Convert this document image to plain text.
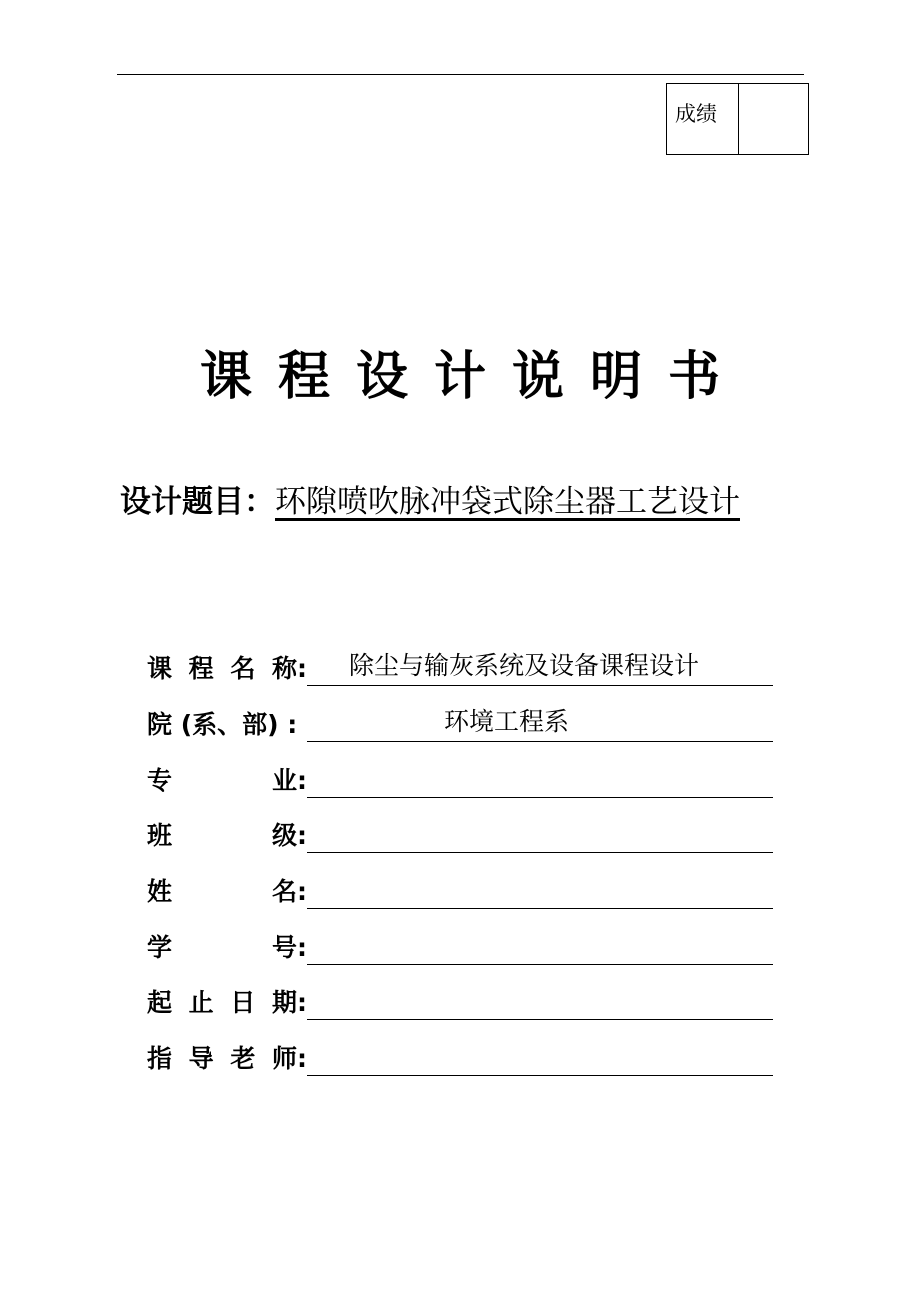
成绩
课程设计说明书
设计题目：环隙喷吹脉冲袋式除尘器工艺设计
课 程 名 称:	除尘与输灰系统及设备课程设计
院 (系、部) :	环境工程系
专	业:
班	级:
姓	名:
学	号:
起 止 日 期:
指 导 老 师:
